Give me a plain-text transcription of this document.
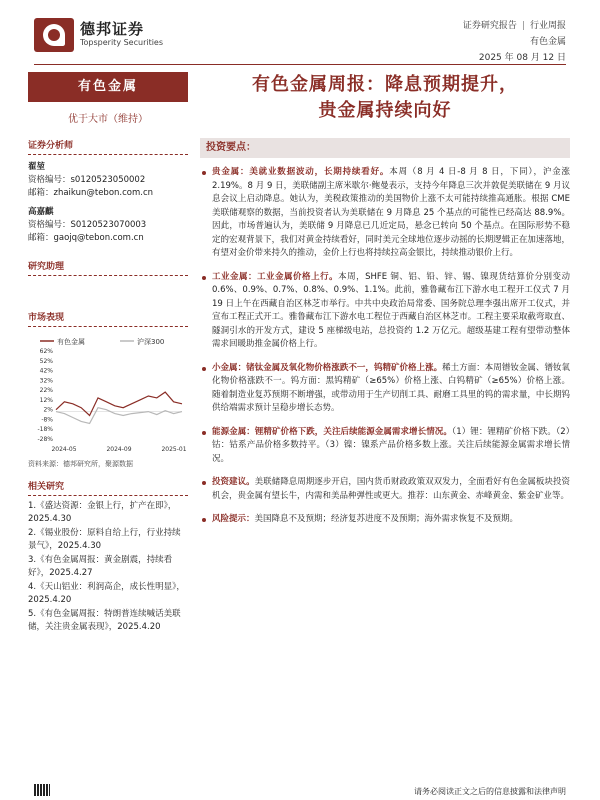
德邦证券
Topsperity Securities
证券研究报告 | 行业周报
有色金属
2025 年 08 月 12 日
有色金属
优于大市（维持）
证券分析师
翟堃
资格编号：s0120523050002
邮箱：zhaikun@tebon.com.cn
高嘉麒
资格编号：S0120523070003
邮箱：gaojq@tebon.com.cn
研究助理
市场表现
有色金属	沪深300
62%
52%
42%
32%
22%
12%
2%
-8%
-18%
-28%
2024-05	2024-09	2025-01
资料来源：德邦研究所，聚源数据
相关研究
1.《盛达资源：金银上行，扩产在即》，2025.4.30
2.《锡业股份：原料自给上行，行业持续景气》，2025.4.30
3.《有色金属周报：黄金剧震，持续看好》，2025.4.27
4.《天山铝业：利润高企，成长性明显》，2025.4.20
5.《有色金属周报：特朗普连续喊话美联储，关注贵金属表现》，2025.4.20
有色金属周报：降息预期提升，
贵金属持续向好
投资要点：
贵金属：美就业数据波动，长期持续看好。本周（8 月 4 日-8 月 8 日，下同），沪金涨 2.19%。8 月 9 日，美联储副主席米歇尔·鲍曼表示，支持今年降息三次并敦促美联储在 9 月议息会议上启动降息。她认为，美税政策推动的美国物价上涨不太可能持续推高通胀。根据 CME 美联储观察的数据，当前投资者认为美联储在 9 月降息 25 个基点的可能性已经高达 88.9%。因此，市场普遍认为，美联储 9 月降息已几近定局，悬念已转向 50 个基点。在国际形势不稳定的宏观背景下，我们对黄金持续看好，同时美元全球地位逐步动摇的长期逻辑正在加速落地，有望对金价带来持久的推动，金价上行也将持续拉高金银比，持续推动银价上行。
工业金属：工业金属价格上行。本周，SHFE 铜、铝、铅、锌、锡、镍现货结算价分别变动 0.6%、0.9%、0.7%、0.8%、0.9%、1.1%。此前，雅鲁藏布江下游水电工程开工仪式 7 月 19 日上午在西藏自治区林芝市举行。中共中央政治局常委、国务院总理李强出席开工仪式，并宣布工程正式开工。雅鲁藏布江下游水电工程位于西藏自治区林芝市。工程主要采取截弯取直、隧洞引水的开发方式，建设 5 座梯级电站，总投资约 1.2 万亿元。超级基建工程有望带动整体需求回暖助推金属价格上行。
小金属：锗钛金属及氧化物价格涨跌不一，钨精矿价格上涨。稀土方面：本周镨钕金属、镨钕氧化物价格涨跌不一。钨方面：黑钨精矿（≥65%）价格上涨、白钨精矿（≥65%）价格上涨。随着制造业复苏预期不断增强，或带动用于生产切削工具、耐磨工具里的钨的需求量，中长期钨供给端需求预计呈稳步增长态势。
能源金属：锂精矿价格下跌，关注后续能源金属需求增长情况。（1）锂：锂精矿价格下跌。（2）钴：钴系产品价格多数持平。（3）镍：镍系产品价格多数上涨。关注后续能源金属需求增长情况。
投资建议。美联储降息周期逐步开启，国内货币财政政策双双发力，全面看好有色金属板块投资机会，贵金属有望长牛，内需和美品种弹性或更大。推荐：山东黄金、赤峰黄金、紫金矿业等。
风险提示：美国降息不及预期；经济复苏进度不及预期；海外需求恢复不及预期。
请务必阅读正文之后的信息披露和法律声明
